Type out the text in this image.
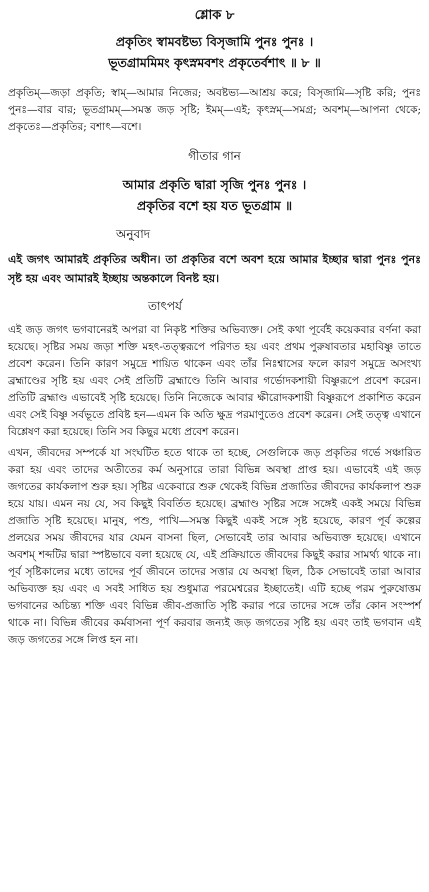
শ্লোক ৮
প্রকৃতিং স্বামবষ্টভ্য বিসৃজামি পুনঃ পুনঃ ।
ভূতগ্রামমিমং কৃৎস্নমবশং প্রকৃতের্বশাৎ ॥ ৮ ॥
প্রকৃতিম্—জড়া প্রকৃতি; স্বাম্—আমার নিজের; অবষ্টভ্য—আশ্রয় করে; বিসৃজামি—সৃষ্টি করি; পুনঃ পুনঃ—বার বার; ভূতগ্রামম্—সমস্ত জড় সৃষ্টি; ইমম্—এই; কৃৎস্নম্—সমগ্র; অবশম্—আপনা থেকে; প্রকৃতেঃ—প্রকৃতির; বশাৎ—বশে।
গীতার গান
আমার প্রকৃতি দ্বারা সৃজি পুনঃ পুনঃ ।
প্রকৃতির বশে হয় যত ভূতগ্রাম ॥
অনুবাদ
এই জগৎ আমারই প্রকৃতির অধীন। তা প্রকৃতির বশে অবশ হয়ে আমার ইচ্ছার দ্বারা পুনঃ পুনঃ সৃষ্ট হয় এবং আমারই ইচ্ছায় অন্তকালে বিনষ্ট হয়।
তাৎপর্য

এই জড় জগৎ ভগবানেরই অপরা বা নিকৃষ্ট শক্তির অভিব্যক্ত। সেই কথা পূর্বেই কয়েকবার বর্ণনা করা হয়েছে। সৃষ্টির সময় জড়া শক্তি মহৎ-তত্ত্বরূপে পরিণত হয় এবং প্রথম পুরুষাবতার মহাবিষ্ণু তাতে প্রবেশ করেন। তিনি কারণ সমুদ্রে শায়িত থাকেন এবং তাঁর নিঃশ্বাসের ফলে কারণ সমুদ্রে অসংখ্য ব্রহ্মাণ্ডের সৃষ্টি হয় এবং সেই প্রতিটি ব্রহ্মাণ্ডে তিনি আবার গর্ভোদকশায়ী বিষ্ণুরূপে প্রবেশ করেন। প্রতিটি ব্রহ্মাণ্ড এভাবেই সৃষ্টি হয়েছে। তিনি নিজেকে আবার ক্ষীরোদকশায়ী বিষ্ণুরূপে প্রকাশিত করেন এবং সেই বিষ্ণু সর্বভূতে প্রবিষ্ট হন—এমন কি অতি ক্ষুদ্র পরমাণুতেও প্রবেশ করেন। সেই তত্ত্ব এখানে বিশ্লেষণ করা হয়েছে। তিনি সব কিছুর মধ্যে প্রবেশ করেন।

এখন, জীবদের সম্পর্কে যা সংঘটিত হতে থাকে তা হচ্ছে, সেগুলিকে জড় প্রকৃতির গর্ভে সঞ্চারিত করা হয় এবং তাদের অতীতের কর্ম অনুসারে তারা বিভিন্ন অবস্থা প্রাপ্ত হয়। এভাবেই এই জড় জগতের কার্যকলাপ শুরু হয়। সৃষ্টির একেবারে শুরু থেকেই বিভিন্ন প্রজাতির জীবদের কার্যকলাপ শুরু হয়ে যায়। এমন নয় যে, সব কিছুই বিবর্তিত হয়েছে। ব্রহ্মাণ্ড সৃষ্টির সঙ্গে সঙ্গেই একই সময়ে বিভিন্ন প্রজাতি সৃষ্টি হয়েছে। মানুষ, পশু, পাখি—সমস্ত কিছুই একই সঙ্গে সৃষ্ট হয়েছে, কারণ পূর্ব কল্পের প্রলয়ের সময় জীবদের যার যেমন বাসনা ছিল, সেভাবেই তার আবার অভিব্যক্ত হয়েছে। এখানে অবশম্ শব্দটির দ্বারা স্পষ্টভাবে বলা হয়েছে যে, এই প্রক্রিয়াতে জীবদের কিছুই করার সামর্থ্য থাকে না। পূর্ব সৃষ্টিকালের মধ্যে তাদের পূর্ব জীবনে তাদের সত্তার যে অবস্থা ছিল, ঠিক সেভাবেই তারা আবার অভিব্যক্ত হয় এবং এ সবই সাধিত হয় শুধুমাত্র পরমেশ্বরের ইচ্ছাতেই। এটি হচ্ছে পরম পুরুষোত্তম ভগবানের অচিন্ত্য শক্তি এবং বিভিন্ন জীব-প্রজাতি সৃষ্টি করার পরে তাদের সঙ্গে তাঁর কোন সংস্পর্শ থাকে না। বিভিন্ন জীবের কর্মবাসনা পূর্ণ করবার জন্যই জড় জগতের সৃষ্টি হয় এবং তাই ভগবান এই জড় জগতের সঙ্গে লিপ্ত হন না।
